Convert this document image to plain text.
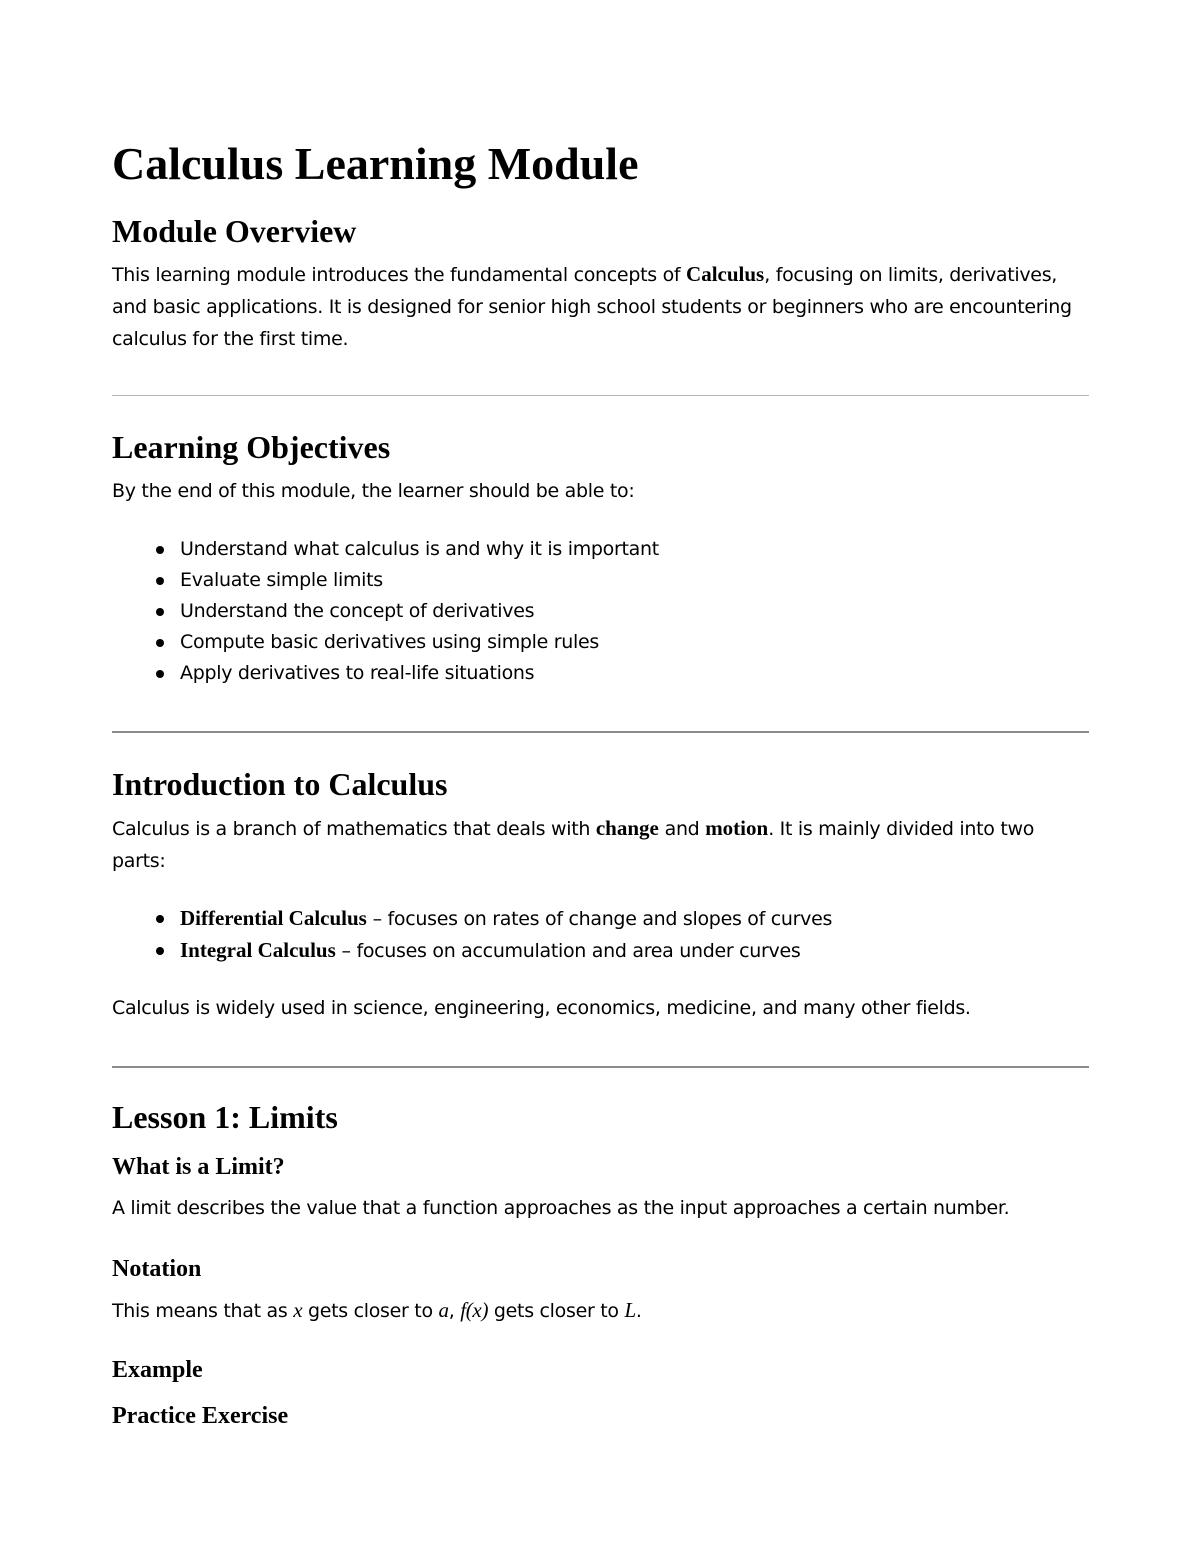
Calculus Learning Module
Module Overview

This learning module introduces the fundamental concepts of Calculus, focusing on limits, derivatives, and basic applications. It is designed for senior high school students or beginners who are encountering calculus for the first time.

Learning Objectives

By the end of this module, the learner should be able to:

Understand what calculus is and why it is important
Evaluate simple limits
Understand the concept of derivatives
Compute basic derivatives using simple rules
Apply derivatives to real-life situations
Introduction to Calculus

Calculus is a branch of mathematics that deals with change and motion. It is mainly divided into two parts:

Differential Calculus – focuses on rates of change and slopes of curves
Integral Calculus – focuses on accumulation and area under curves

Calculus is widely used in science, engineering, economics, medicine, and many other fields.

Lesson 1: Limits
What is a Limit?

A limit describes the value that a function approaches as the input approaches a certain number.

Notation

This means that as x gets closer to a, f(x) gets closer to L.

Example
Practice Exercise
